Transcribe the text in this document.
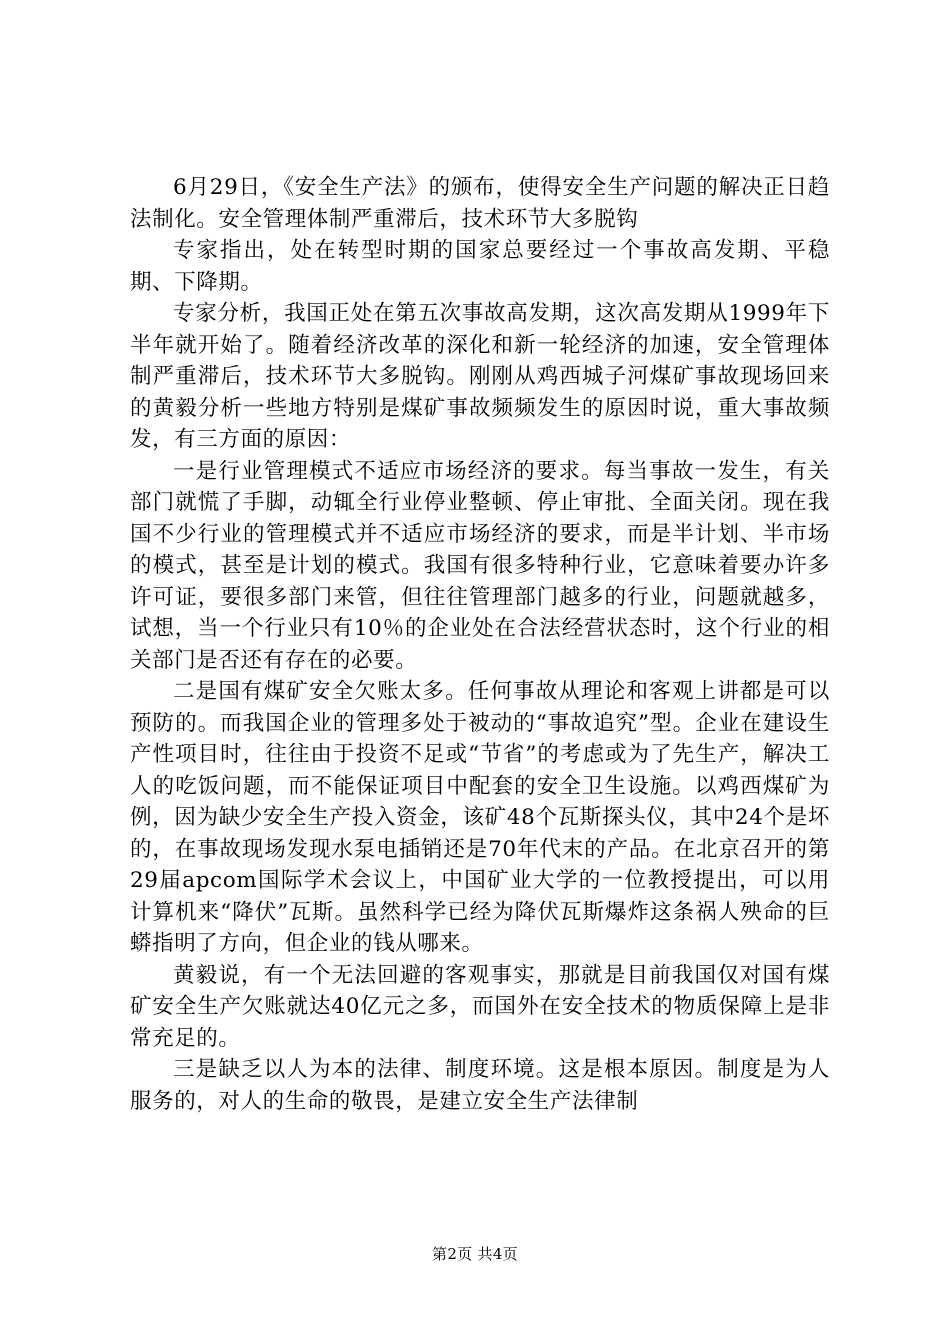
6月29日，《安全生产法》的颁布，使得安全生产问题的解决正日趋法制化。安全管理体制严重滞后，技术环节大多脱钩

专家指出，处在转型时期的国家总要经过一个事故高发期、平稳期、下降期。

专家分析，我国正处在第五次事故高发期，这次高发期从1999年下半年就开始了。随着经济改革的深化和新一轮经济的加速，安全管理体制严重滞后，技术环节大多脱钩。刚刚从鸡西城子河煤矿事故现场回来的黄毅分析一些地方特别是煤矿事故频频发生的原因时说，重大事故频发，有三方面的原因：

一是行业管理模式不适应市场经济的要求。每当事故一发生，有关部门就慌了手脚，动辄全行业停业整顿、停止审批、全面关闭。现在我国不少行业的管理模式并不适应市场经济的要求，而是半计划、半市场的模式，甚至是计划的模式。我国有很多特种行业，它意味着要办许多许可证，要很多部门来管，但往往管理部门越多的行业，问题就越多，试想，当一个行业只有10％的企业处在合法经营状态时，这个行业的相关部门是否还有存在的必要。

二是国有煤矿安全欠账太多。任何事故从理论和客观上讲都是可以预防的。而我国企业的管理多处于被动的“事故追究”型。企业在建设生产性项目时，往往由于投资不足或“节省”的考虑或为了先生产，解决工人的吃饭问题，而不能保证项目中配套的安全卫生设施。以鸡西煤矿为例，因为缺少安全生产投入资金，该矿48个瓦斯探头仪，其中24个是坏的，在事故现场发现水泵电插销还是70年代末的产品。在北京召开的第29届apcom国际学术会议上，中国矿业大学的一位教授提出，可以用计算机来“降伏”瓦斯。虽然科学已经为降伏瓦斯爆炸这条祸人殃命的巨蟒指明了方向，但企业的钱从哪来。

黄毅说，有一个无法回避的客观事实，那就是目前我国仅对国有煤矿安全生产欠账就达40亿元之多，而国外在安全技术的物质保障上是非常充足的。

三是缺乏以人为本的法律、制度环境。这是根本原因。制度是为人服务的，对人的生命的敬畏，是建立安全生产法律制

第2页 共4页
